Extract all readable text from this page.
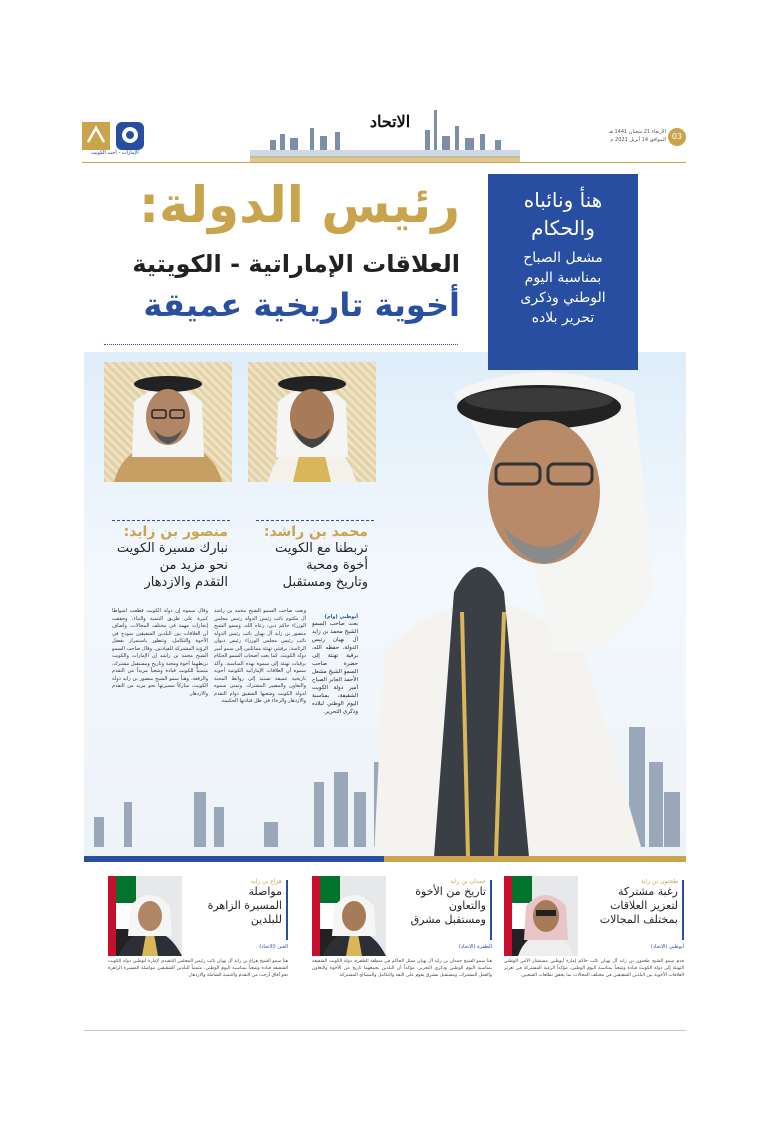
03
الأربعاء 21 شعبان 1441 هـ
الموافق 14 أبريل 2021 م
الاتحاد
الإمارات - أخت الكويت
رئيس الدولة:
العلاقات الإماراتية - الكويتية
أخوية تاريخية عميقة
هنأ ونائباه
والحكام
مشعل الصباح
بمناسبة اليوم
الوطني وذكرى
تحرير بلاده
محمد بن راشد:
تربطنا مع الكويت
أخوة ومحبة
وتاريخ ومستقبل
منصور بن زايد:
نبارك مسيرة الكويت
نحو مزيد من
التقدم والازدهار
أبوظبي (وام)
بعث صاحب السمو الشيخ محمد بن زايد آل نهيان رئيس الدولة، حفظه الله، برقية تهنئة إلى حضرة صاحب السمو الشيخ مشعل الأحمد الجابر الصباح أمير دولة الكويت الشقيقة، بمناسبة اليوم الوطني لبلاده وذكرى التحرير.
وبعث صاحب السمو الشيخ محمد بن راشد آل مكتوم نائب رئيس الدولة رئيس مجلس الوزراء حاكم دبي، رعاه الله، وسمو الشيخ منصور بن زايد آل نهيان نائب رئيس الدولة نائب رئيس مجلس الوزراء رئيس ديوان الرئاسة، برقيتي تهنئة مماثلتين إلى سمو أمير دولة الكويت. كما بعث أصحاب السمو الحكام برقيات تهنئة إلى سموه بهذه المناسبة. وأكد سموه أن العلاقات الإماراتية الكويتية أخوية تاريخية عميقة تستند إلى روابط المحبة والتعاون والمصير المشترك. وتمنى سموه لدولة الكويت وشعبها الشقيق دوام التقدم والازدهار والرخاء في ظل قيادتها الحكيمة.
وقال سموه إن دولة الكويت قطعت أشواطاً كبيرة على طريق التنمية والبناء، وحققت إنجازات مهمة في مختلف المجالات. وأضاف أن العلاقات بين البلدين الشقيقين نموذج في الأخوة والتكامل، وتتطور باستمرار بفضل الرؤية المشتركة للقيادتين. وقال صاحب السمو الشيخ محمد بن راشد إن الإمارات والكويت تربطهما أخوة ومحبة وتاريخ ومستقبل مشترك، متمنياً للكويت قيادة وشعباً مزيداً من التقدم والرفعة. وهنأ سمو الشيخ منصور بن زايد دولة الكويت، مباركاً مسيرتها نحو مزيد من التقدم والازدهار.
طحنون بن زايد
رغبة مشتركة
لتعزيز العلاقات
بمختلف المجالات
أبوظبي (الاتحاد)
قدم سمو الشيخ طحنون بن زايد آل نهيان نائب حاكم إمارة أبوظبي مستشار الأمن الوطني التهنئة إلى دولة الكويت قيادة وشعباً بمناسبة اليوم الوطني، مؤكداً الرغبة المشتركة في تعزيز العلاقات الأخوية بين البلدين الشقيقين في مختلف المجالات بما يحقق تطلعات الشعبين.
حمدان بن زايد
تاريخ من الأخوة
والتعاون
ومستقبل مشرق
الظفرة (الاتحاد)
هنأ سمو الشيخ حمدان بن زايد آل نهيان ممثل الحاكم في منطقة الظفرة، دولة الكويت الشقيقة بمناسبة اليوم الوطني وذكرى التحرير، مؤكداً أن البلدين يجمعهما تاريخ من الأخوة والتعاون والعمل المشترك، ومستقبل مشرق يقوم على الثقة والتكامل والمصالح المشتركة.
هزاع بن زايد
مواصلة
المسيرة الزاهرة
للبلدين
العين (الاتحاد)
هنأ سمو الشيخ هزاع بن زايد آل نهيان نائب رئيس المجلس التنفيذي لإمارة أبوظبي دولة الكويت الشقيقة قيادة وشعباً بمناسبة اليوم الوطني، متمنياً للبلدين الشقيقين مواصلة المسيرة الزاهرة نحو آفاق أرحب من التقدم والتنمية الشاملة والازدهار.
